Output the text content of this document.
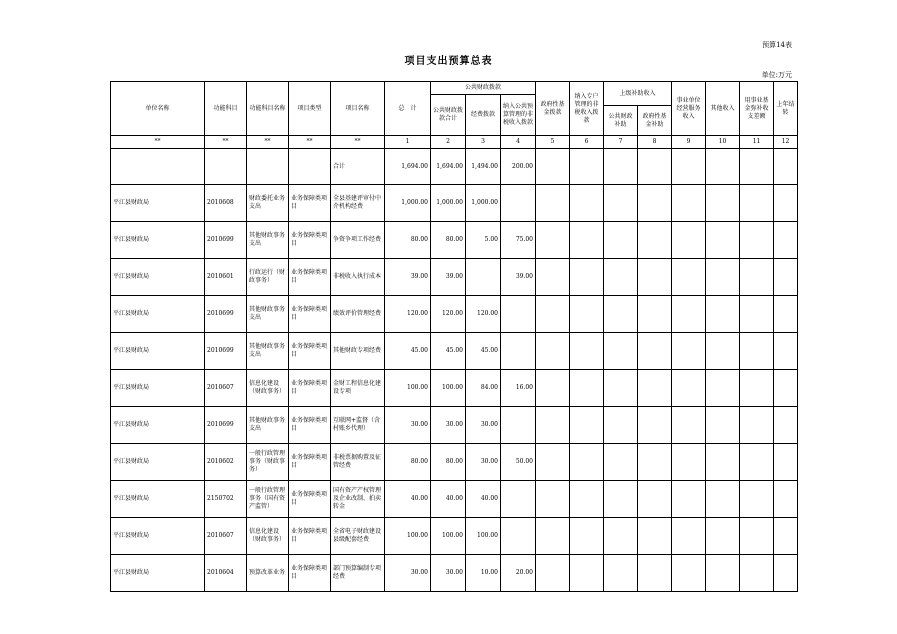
预算14表
项目支出预算总表
单位:万元
单位名称	功能科目	功能科目名称	项目类型	项目名称	总　计	公共财政拨款			政府性基金拨款	纳入专户管理的非税收入拨款	上级补助收入		事业单位经营服务收入	其他收入	用事业基金弥补收支差额	上年结转
						公共财政拨款合计	经费拨款	纳入公共预算管理的非税收入拨款								
											公共财政补助	政府性基金补助				
**	**	**	**	**	1	2	3	4	5	6	7	8	9	10	11	12
				合计	1,694.00	1,694.00	1,494.00	200.00								
平江县财政局	2010608	财政委托业务支出	业务保障类项目	全县基建评审付中介机构经费	1,000.00	1,000.00	1,000.00									
平江县财政局	2010699	其他财政事务支出	业务保障类项目	争资争项工作经费	80.00	80.00	5.00	75.00								
平江县财政局	2010601	行政运行（财政事务）	业务保障类项目	非税收入执行成本	39.00	39.00		39.00								
平江县财政局	2010699	其他财政事务支出	业务保障类项目	绩效评价管理经费	120.00	120.00	120.00									
平江县财政局	2010699	其他财政事务支出	业务保障类项目	其他财政专项经费	45.00	45.00	45.00									
平江县财政局	2010607	信息化建设（财政事务）	业务保障类项目	金财工程信息化建设专项	100.00	100.00	84.00	16.00								
平江县财政局	2010699	其他财政事务支出	业务保障类项目	互联网+监督（含村账乡代理）	30.00	30.00	30.00									
平江县财政局	2010602	一般行政管理事务（财政事务）	业务保障类项目	非税票据购置及征管经费	80.00	80.00	30.00	50.00								
平江县财政局	2150702	一般行政管理事务（国有资产监管）	业务保障类项目	国有资产产权管理及企业改制、拍卖转金	40.00	40.00	40.00									
平江县财政局	2010607	信息化建设（财政事务）	业务保障类项目	全省电子财政建设县级配套经费	100.00	100.00	100.00									
平江县财政局	2010604	预算改革业务	业务保障类项目	部门预算编制专项经费	30.00	30.00	10.00	20.00								
